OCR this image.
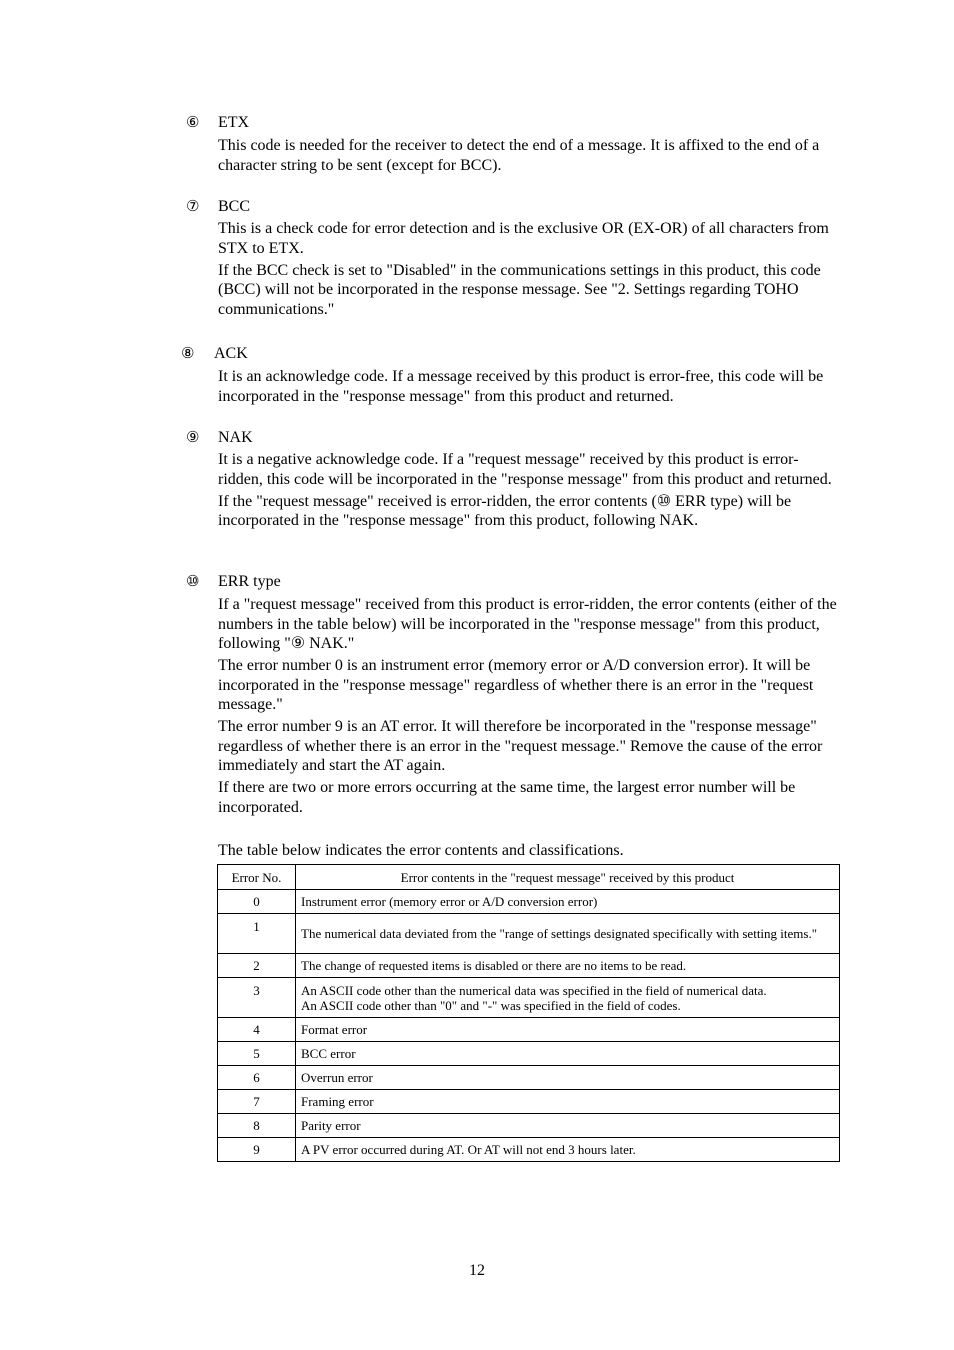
⑥ ETX

This code is needed for the receiver to detect the end of a message. It is affixed to the end of a character string to be sent (except for BCC).

⑦ BCC

This is a check code for error detection and is the exclusive OR (EX-OR) of all characters from STX to ETX.

If the BCC check is set to "Disabled" in the communications settings in this product, this code (BCC) will not be incorporated in the response message. See "2. Settings regarding TOHO communications."

⑧ ACK

It is an acknowledge code. If a message received by this product is error-free, this code will be incorporated in the "response message" from this product and returned.

⑨ NAK

It is a negative acknowledge code. If a "request message" received by this product is error-ridden, this code will be incorporated in the "response message" from this product and returned.

If the "request message" received is error-ridden, the error contents (⑩ ERR type) will be incorporated in the "response message" from this product, following NAK.

⑩ ERR type

If a "request message" received from this product is error-ridden, the error contents (either of the numbers in the table below) will be incorporated in the "response message" from this product, following "⑨ NAK."

The error number 0 is an instrument error (memory error or A/D conversion error). It will be incorporated in the "response message" regardless of whether there is an error in the "request message."

The error number 9 is an AT error. It will therefore be incorporated in the "response message" regardless of whether there is an error in the "request message." Remove the cause of the error immediately and start the AT again.

If there are two or more errors occurring at the same time, the largest error number will be incorporated.

The table below indicates the error contents and classifications.
Error No.	Error contents in the "request message" received by this product
0	Instrument error (memory error or A/D conversion error)
1	The numerical data deviated from the "range of settings designated specifically with setting items."
2	The change of requested items is disabled or there are no items to be read.
3	An ASCII code other than the numerical data was specified in the field of numerical data.
An ASCII code other than "0" and "-" was specified in the field of codes.

4	Format error
5	BCC error
6	Overrun error
7	Framing error
8	Parity error
9	A PV error occurred during AT. Or AT will not end 3 hours later.
12
